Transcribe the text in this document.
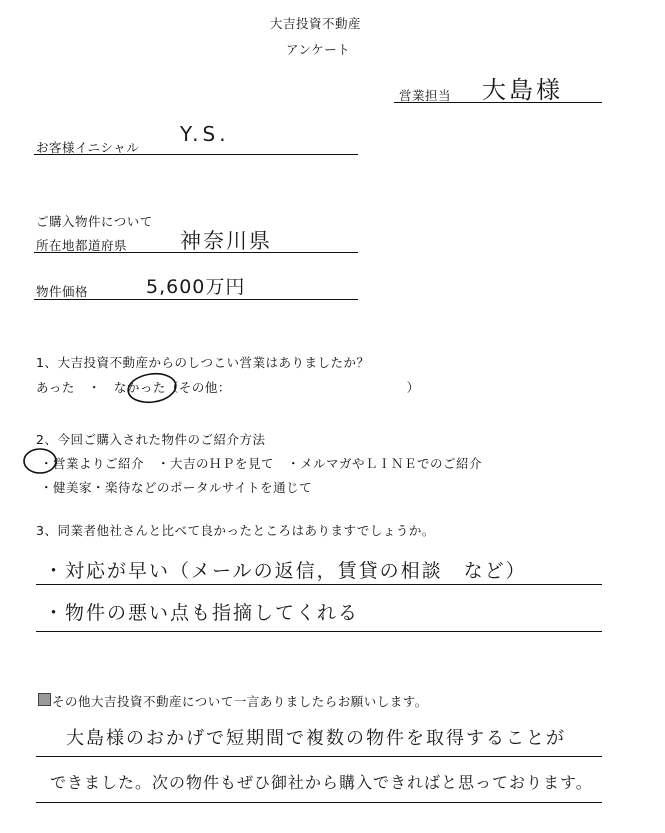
大吉投資不動産
アンケート
営業担当 大島様
お客様イニシャル
Y.S.
ご購入物件について
所在地都道府県	神奈川県
物件価格	5,600万円
1、大吉投資不動産からのしつこい営業はありましたか？
あった　・　なかった（その他：　　　　　　　　　　　　　　）
2、今回ご購入された物件のご紹介方法
・営業よりご紹介　・大吉のＨＰを見て　・メルマガやＬＩＮＥでのご紹介
・健美家・楽待などのポータルサイトを通じて
3、同業者他社さんと比べて良かったところはありますでしょうか。
・対応が早い（メールの返信，賃貸の相談　など）
・物件の悪い点も指摘してくれる
その他大吉投資不動産について一言ありましたらお願いします。
大島様のおかげで短期間で複数の物件を取得することが
できました。次の物件もぜひ御社から購入できればと思っております。
